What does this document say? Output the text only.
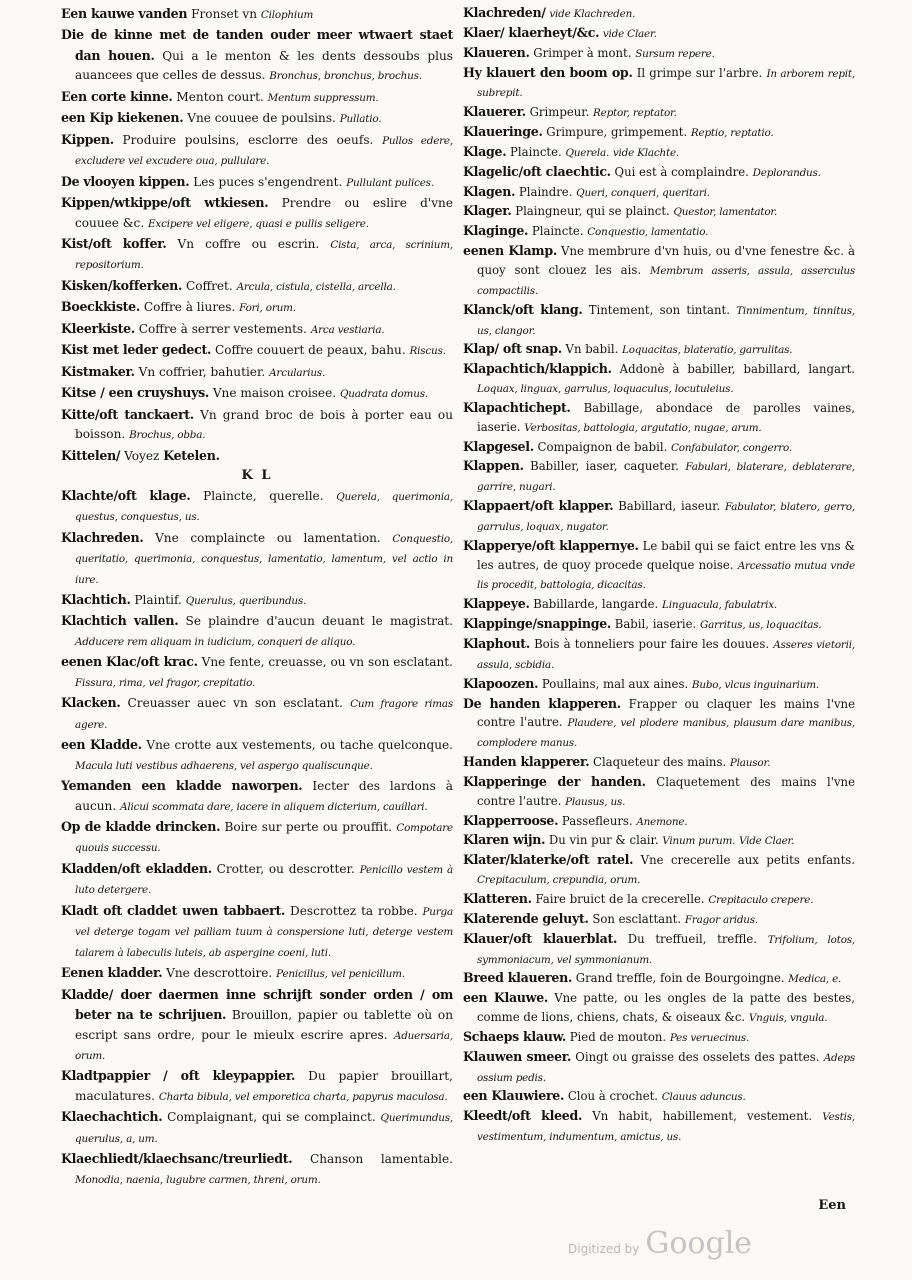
Een kauwe vanden Fronset vn Cilophium

Die de kinne met de tanden ouder meer wtwaert staet dan houen. Qui a le menton & les dents dessoubs plus auancees que celles de dessus. Bronchus, bronchus, brochus.

Een corte kinne. Menton court. Mentum suppressum.

een Kip kiekenen. Vne couuee de poulsins. Pullatio.

Kippen. Produire poulsins, esclorre des oeufs. Pullos edere, excludere vel excudere oua, pullulare.

De vlooyen kippen. Les puces s'engendrent. Pullulant pulices.

Kippen/wtkippe/oft wtkiesen. Prendre ou eslire d'vne couuee &c. Excipere vel eligere, quasi e pullis seligere.

Kist/oft koffer. Vn coffre ou escrin. Cista, arca, scrinium, repositorium.

Kisken/kofferken. Coffret. Arcula, cistula, cistella, arcella.

Boeckkiste. Coffre à liures. Fori, orum.

Kleerkiste. Coffre à serrer vestements. Arca vestiaria.

Kist met leder gedect. Coffre couuert de peaux, bahu. Riscus.

Kistmaker. Vn coffrier, bahutier. Arcularius.

Kitse / een cruyshuys. Vne maison croisee. Quadrata domus.

Kitte/oft tanckaert. Vn grand broc de bois à porter eau ou boisson. Brochus, obba.

Kittelen/ Voyez Ketelen.

K L

Klachte/oft klage. Plaincte, querelle. Querela, querimonia, questus, conquestus, us.

Klachreden. Vne complaincte ou lamentation. Conquestio, queritatio, querimonia, conquestus, lamentatio, lamentum, vel actio in iure.

Klachtich. Plaintif. Querulus, queribundus.

Klachtich vallen. Se plaindre d'aucun deuant le magistrat. Adducere rem aliquam in iudicium, conqueri de aliquo.

eenen Klac/oft krac. Vne fente, creuasse, ou vn son esclatant. Fissura, rima, vel fragor, crepitatio.

Klacken. Creuasser auec vn son esclatant. Cum fragore rimas agere.

een Kladde. Vne crotte aux vestements, ou tache quelconque. Macula luti vestibus adhaerens, vel aspergo qualiscunque.

Yemanden een kladde naworpen. Iecter des lardons à aucun. Alicui scommata dare, iacere in aliquem dicterium, cauillari.

Op de kladde drincken. Boire sur perte ou prouffit. Compotare quouis successu.

Kladden/oft ekladden. Crotter, ou descrotter. Penicillo vestem à luto detergere.

Kladt oft claddet uwen tabbaert. Descrottez ta robbe. Purga vel deterge togam vel palliam tuum à conspersione luti, deterge vestem talarem à labeculis luteis, ab aspergine coeni, luti.

Eenen kladder. Vne descrottoire. Penicillus, vel penicillum.

Kladde/ doer daermen inne schrijft sonder orden / om beter na te schrijuen. Brouillon, papier ou tablette où on escript sans ordre, pour le mieulx escrire apres. Aduersaria, orum.

Kladtpappier / oft kleypappier. Du papier brouillart, maculatures. Charta bibula, vel emporetica charta, papyrus maculosa.

Klaechachtich. Complaignant, qui se complainct. Querimundus, querulus, a, um.

Klaechliedt/klaechsanc/treurliedt. Chanson lamentable. Monodia, naenia, lugubre carmen, threni, orum.

Klachreden/ vide Klachreden.

Klaer/ klaerheyt/&c. vide Claer.

Klaueren. Grimper à mont. Sursum repere.

Hy klauert den boom op. Il grimpe sur l'arbre. In arborem repit, subrepit.

Klauerer. Grimpeur. Reptor, reptator.

Klaueringe. Grimpure, grimpement. Reptio, reptatio.

Klage. Plaincte. Querela. vide Klachte.

Klagelic/oft claechtic. Qui est à complaindre. Deplorandus.

Klagen. Plaindre. Queri, conqueri, queritari.

Klager. Plaingneur, qui se plainct. Questor, lamentator.

Klaginge. Plaincte. Conquestio, lamentatio.

eenen Klamp. Vne membrure d'vn huis, ou d'vne fenestre &c. à quoy sont clouez les ais. Membrum asseris, assula, asserculus compactilis.

Klanck/oft klang. Tintement, son tintant. Tinnimentum, tinnitus, us, clangor.

Klap/ oft snap. Vn babil. Loquacitas, blateratio, garrulitas.

Klapachtich/klappich. Addonè à babiller, babillard, langart. Loquax, linguax, garrulus, loquaculus, locutuleius.

Klapachtichept. Babillage, abondace de parolles vaines, iaserie. Verbositas, battologia, argutatio, nugae, arum.

Klapgesel. Compaignon de babil. Confabulator, congerro.

Klappen. Babiller, iaser, caqueter. Fabulari, blaterare, deblaterare, garrire, nugari.

Klappaert/oft klapper. Babillard, iaseur. Fabulator, blatero, gerro, garrulus, loquax, nugator.

Klapperye/oft klappernye. Le babil qui se faict entre les vns & les autres, de quoy procede quelque noise. Arcessatio mutua vnde lis procedit, battologia, dicacitas.

Klappeye. Babillarde, langarde. Linguacula, fabulatrix.

Klappinge/snappinge. Babil, iaserie. Garritus, us, loquacitas.

Klaphout. Bois à tonneliers pour faire les douues. Asseres vietorii, assula, scbidia.

Klapoozen. Poullains, mal aux aines. Bubo, vlcus inguinarium.

De handen klapperen. Frapper ou claquer les mains l'vne contre l'autre. Plaudere, vel plodere manibus, plausum dare manibus, complodere manus.

Handen klapperer. Claqueteur des mains. Plausor.

Klapperinge der handen. Claquetement des mains l'vne contre l'autre. Plausus, us.

Klapperroose. Passefleurs. Anemone.

Klaren wijn. Du vin pur & clair. Vinum purum. Vide Claer.

Klater/klaterke/oft ratel. Vne crecerelle aux petits enfants. Crepitaculum, crepundia, orum.

Klatteren. Faire bruict de la crecerelle. Crepitaculo crepere.

Klaterende geluyt. Son esclattant. Fragor aridus.

Klauer/oft klauerblat. Du treffueil, treffle. Trifolium, lotos, symmoniacum, vel symmonianum.

Breed klaueren. Grand treffle, foin de Bourgoingne. Medica, e.

een Klauwe. Vne patte, ou les ongles de la patte des bestes, comme de lions, chiens, chats, & oiseaux &c. Vnguis, vngula.

Schaeps klauw. Pied de mouton. Pes veruecinus.

Klauwen smeer. Oingt ou graisse des osselets des pattes. Adeps ossium pedis.

een Klauwiere. Clou à crochet. Clauus aduncus.

Kleedt/oft kleed. Vn habit, habillement, vestement. Vestis, vestimentum, indumentum, amictus, us.

Een
Digitized by Google
